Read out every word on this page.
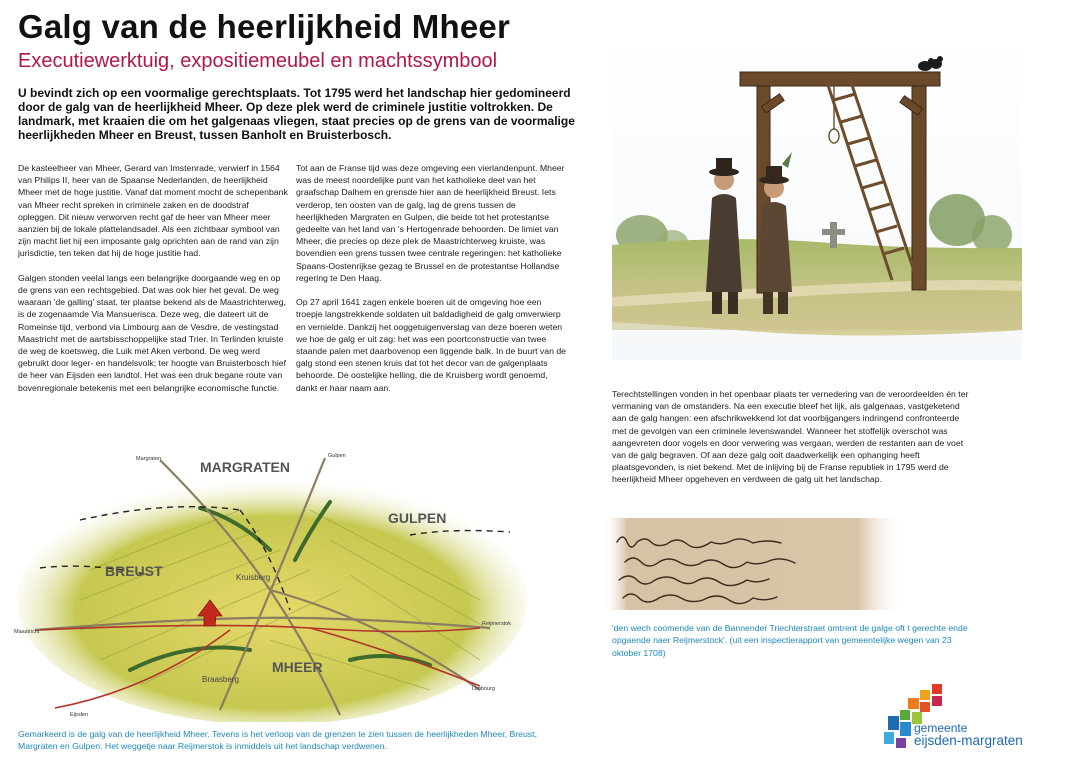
Galg van de heerlijkheid Mheer
Executiewerktuig, expositiemeubel en machtssymbool

U bevindt zich op een voormalige gerechtsplaats. Tot 1795 werd het landschap hier gedomineerd door de galg van de heerlijkheid Mheer. Op deze plek werd de criminele justitie voltrokken. De landmark, met kraaien die om het galgenaas vliegen, staat precies op de grens van de voormalige heerlijkheden Mheer en Breust, tussen Banholt en Bruisterbosch.

De kasteelheer van Mheer, Gerard van Imstenrade, verwierf in 1564 van Philips II, heer van de Spaanse Nederlanden, de heerlijkheid Mheer met de hoge justitie. Vanaf dat moment mocht de schepenbank van Mheer recht spreken in criminele zaken en de doodstraf opleggen. Dit nieuw verworven recht gaf de heer van Mheer meer aanzien bij de lokale plattelandsadel. Als een zichtbaar symbool van zijn macht liet hij een imposante galg oprichten aan de rand van zijn jurisdictie, ten teken dat hij de hoge justitie had.

Galgen stonden veelal langs een belangrijke doorgaande weg en op de grens van een rechtsgebied. Dat was ook hier het geval. De weg waaraan 'de galling' staat, ter plaatse bekend als de Maastrichterweg, is de zogenaamde Via Mansuerisca. Deze weg, die dateert uit de Romeinse tijd, verbond via Limbourg aan de Vesdre, de vestingstad Maastricht met de aartsbisschoppelijke stad Trier. In Terlinden kruiste de weg de koetsweg, die Luik met Aken verbond. De weg werd gebruikt door leger- en handelsvolk; ter hoogte van Bruisterbosch hief de heer van Eijsden een landtol. Het was een druk begane route van bovenregionale betekenis met een belangrijke economische functie.

Tot aan de Franse tijd was deze omgeving een vierlandenpunt. Mheer was de meest noordelijke punt van het katholieke deel van het graafschap Dalhem en grensde hier aan de heerlijkheid Breust. Iets verderop, ten oosten van de galg, lag de grens tussen de heerlijkheden Margraten en Gulpen, die beide tot het protestantse gedeelte van het land van 's Hertogenrade behoorden. De limiet van Mheer, die precies op deze plek de Maastrichterweg kruiste, was bovendien een grens tussen twee centrale regeringen: het katholieke Spaans-Oostenrijkse gezag te Brussel en de protestantse Hollandse regering te Den Haag.

Op 27 april 1641 zagen enkele boeren uit de omgeving hoe een troepje langstrekkende soldaten uit baldadigheid de galg omverwierp en vernielde. Dankzij het ooggetuigenverslag van deze boeren weten we hoe de galg er uit zag: het was een poortconstructie van twee staande palen met daarbovenop een liggende balk. In de buurt van de galg stond een stenen kruis dat tot het decor van de galgenplaats behoorde. De oostelijke helling, die de Kruisberg wordt genoemd, dankt er haar naam aan.

Terechtstellingen vonden in het openbaar plaats ter vernedering van de veroordeelden én ter vermaning van de omstanders. Na een executie bleef het lijk, als galgenaas, vastgeketend aan de galg hangen: een afschrikwekkend lot dat voorbijgangers indringend confronteerde met de gevolgen van een criminele levenswandel. Wanneer het stoffelijk overschot was aangevreten door vogels en door verwering was vergaan, werden de restanten aan de voet van de galg begraven. Of aan deze galg ooit daadwerkelijk een ophanging heeft plaatsgevonden, is niet bekend. Met de inlijving bij de Franse republiek in 1795 werd de heerlijkheid Mheer opgeheven en verdween de galg uit het landschap.

'den wech coomende van de Bannender Triechterstraet omtrent de galge oft t gerechte ende opgaende naer Reijmerstock'. (uit een inspectierapport van gemeentelijke wegen van 23 oktober 1708)

MARGRATEN
GULPEN
BREUST
MHEER
Kruisberg
Braasberg
Maastricht
Reijmerstok
Limbourg
Eijsden
Gulpen
Margraten

Gemarkeerd is de galg van de heerlijkheid Mheer. Tevens is het verloop van de grenzen te zien tussen de heerlijkheden Mheer, Breust, Margraten en Gulpen. Het weggetje naar Reijmerstok is inmiddels uit het landschap verdwenen.

gemeente
eijsden-margraten
